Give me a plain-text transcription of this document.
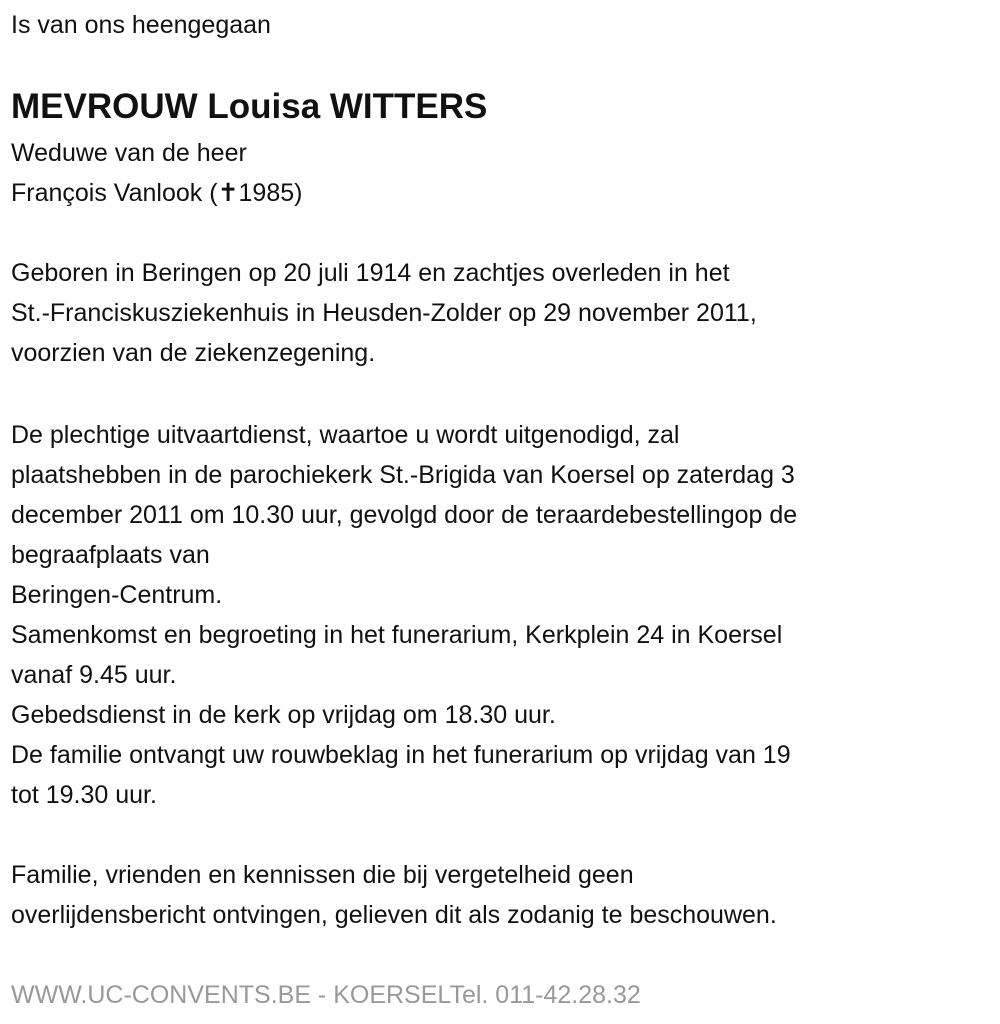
Is van ons heengegaan
MEVROUW Louisa WITTERS
Weduwe van de heer
François Vanlook (✝1985)
Geboren in Beringen op 20 juli 1914 en zachtjes overleden in het
St.-Franciskusziekenhuis in Heusden-Zolder op 29 november 2011,
voorzien van de ziekenzegening.
De plechtige uitvaartdienst, waartoe u wordt uitgenodigd, zal
plaatshebben in de parochiekerk St.-Brigida van Koersel op zaterdag 3
december 2011 om 10.30 uur, gevolgd door de teraardebestellingop de
begraafplaats van
Beringen-Centrum.
Samenkomst en begroeting in het funerarium, Kerkplein 24 in Koersel
vanaf 9.45 uur.
Gebedsdienst in de kerk op vrijdag om 18.30 uur.
De familie ontvangt uw rouwbeklag in het funerarium op vrijdag van 19
tot 19.30 uur.
Familie, vrienden en kennissen die bij vergetelheid geen
overlijdensbericht ontvingen, gelieven dit als zodanig te beschouwen.
WWW.UC-CONVENTS.BE - KOERSELTel. 011-42.28.32
